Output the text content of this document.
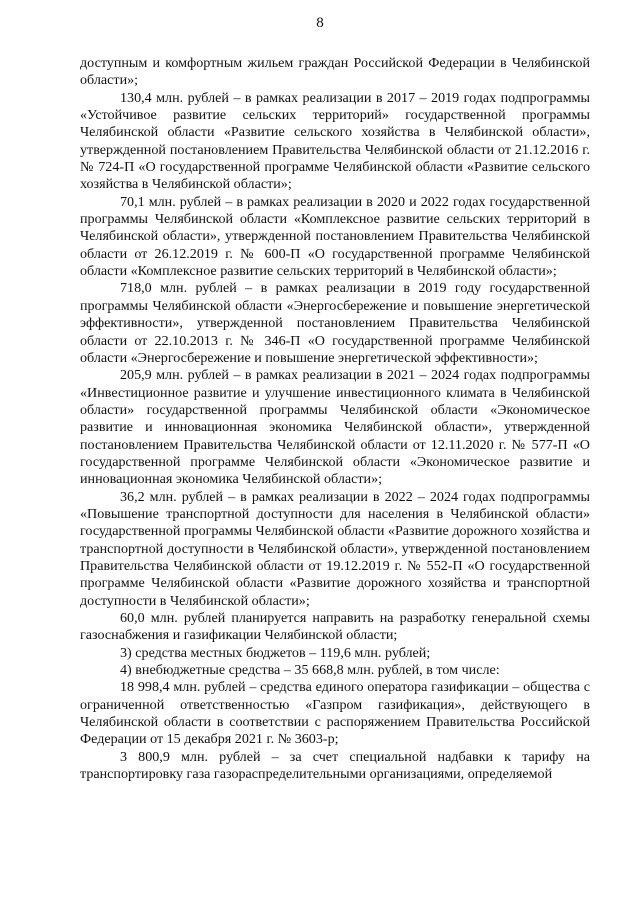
8

доступным и комфортным жильем граждан Российской Федерации в Челябинской области»;

130,4 млн. рублей – в рамках реализации в 2017 – 2019 годах подпрограммы «Устойчивое развитие сельских территорий» государственной программы Челябинской области «Развитие сельского хозяйства в Челябинской области», утвержденной постановлением Правительства Челябинской области от 21.12.2016 г. № 724-П «О государственной программе Челябинской области «Развитие сельского хозяйства в Челябинской области»;

70,1 млн. рублей – в рамках реализации в 2020 и 2022 годах государственной программы Челябинской области «Комплексное развитие сельских территорий в Челябинской области», утвержденной постановлением Правительства Челябинской области от 26.12.2019 г. № 600-П «О государственной программе Челябинской области «Комплексное развитие сельских территорий в Челябинской области»;

718,0 млн. рублей – в рамках реализации в 2019 году государственной программы Челябинской области «Энергосбережение и повышение энергетической эффективности», утвержденной постановлением Правительства Челябинской области от 22.10.2013 г. № 346-П «О государственной программе Челябинской области «Энергосбережение и повышение энергетической эффективности»;

205,9 млн. рублей – в рамках реализации в 2021 – 2024 годах подпрограммы «Инвестиционное развитие и улучшение инвестиционного климата в Челябинской области» государственной программы Челябинской области «Экономическое развитие и инновационная экономика Челябинской области», утвержденной постановлением Правительства Челябинской области от 12.11.2020 г. № 577-П «О государственной программе Челябинской области «Экономическое развитие и инновационная экономика Челябинской области»;

36,2 млн. рублей – в рамках реализации в 2022 – 2024 годах подпрограммы «Повышение транспортной доступности для населения в Челябинской области» государственной программы Челябинской области «Развитие дорожного хозяйства и транспортной доступности в Челябинской области», утвержденной постановлением Правительства Челябинской области от 19.12.2019 г. № 552-П «О государственной программе Челябинской области «Развитие дорожного хозяйства и транспортной доступности в Челябинской области»;

60,0 млн. рублей планируется направить на разработку генеральной схемы газоснабжения и газификации Челябинской области;

3) средства местных бюджетов – 119,6 млн. рублей;

4) внебюджетные средства – 35 668,8 млн. рублей, в том числе:

18 998,4 млн. рублей – средства единого оператора газификации – общества с ограниченной ответственностью «Газпром газификация», действующего в Челябинской области в соответствии с распоряжением Правительства Российской Федерации от 15 декабря 2021 г. № 3603-р;

3 800,9 млн. рублей – за счет специальной надбавки к тарифу на транспортировку газа газораспределительными организациями, определяемой
